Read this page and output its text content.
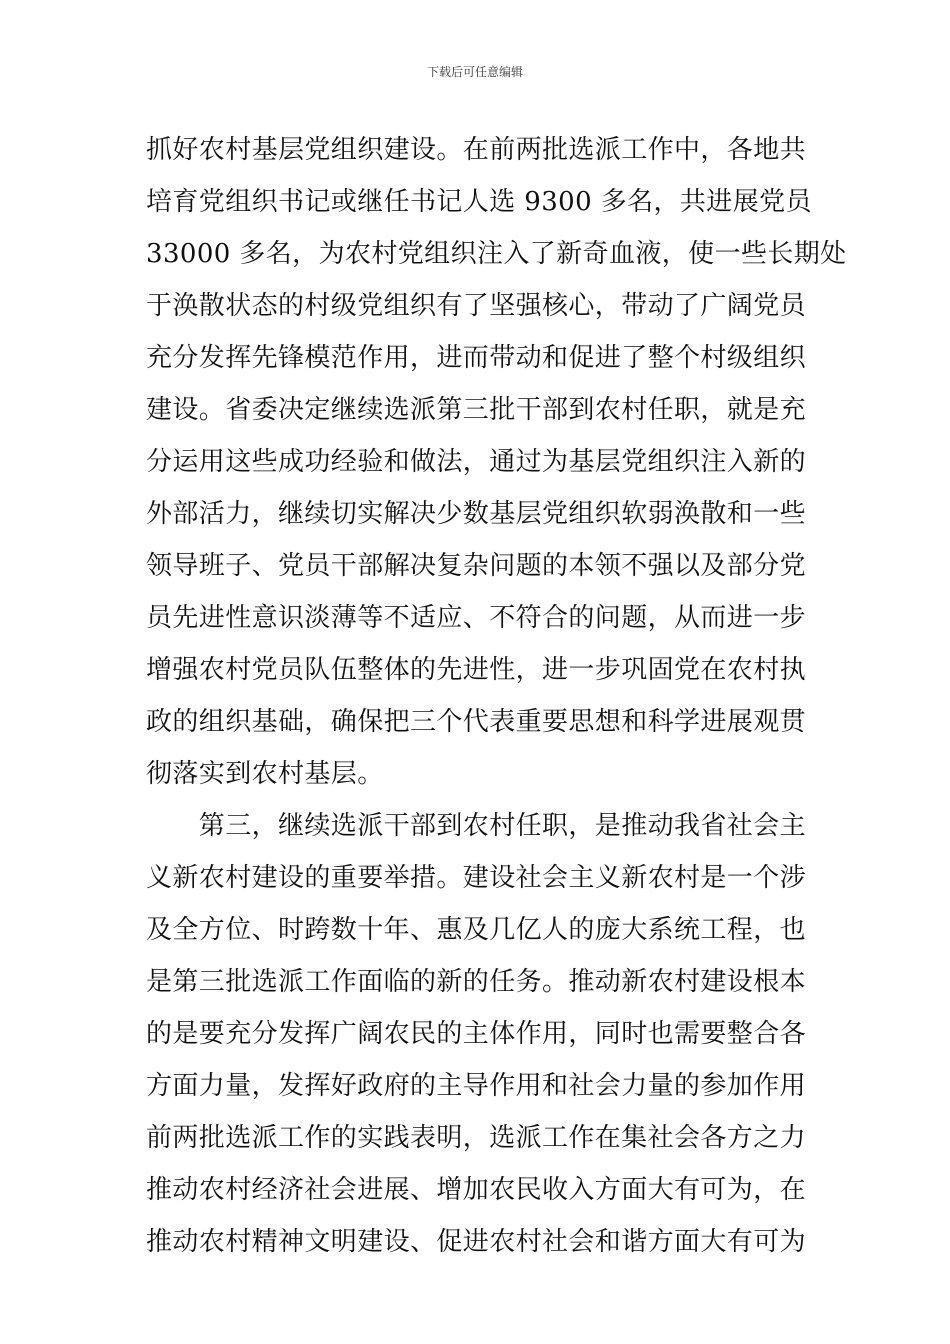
下载后可任意编辑
抓好农村基层党组织建设。在前两批选派工作中，各地共
培育党组织书记或继任书记人选 9300 多名，共进展党员
33000 多名，为农村党组织注入了新奇血液，使一些长期处
于涣散状态的村级党组织有了坚强核心，带动了广阔党员
充分发挥先锋模范作用，进而带动和促进了整个村级组织
建设。省委决定继续选派第三批干部到农村任职，就是充
分运用这些成功经验和做法，通过为基层党组织注入新的
外部活力，继续切实解决少数基层党组织软弱涣散和一些
领导班子、党员干部解决复杂问题的本领不强以及部分党
员先进性意识淡薄等不适应、不符合的问题，从而进一步
增强农村党员队伍整体的先进性，进一步巩固党在农村执
政的组织基础，确保把三个代表重要思想和科学进展观贯
彻落实到农村基层。
　　第三，继续选派干部到农村任职，是推动我省社会主
义新农村建设的重要举措。建设社会主义新农村是一个涉
及全方位、时跨数十年、惠及几亿人的庞大系统工程，也
是第三批选派工作面临的新的任务。推动新农村建设根本
的是要充分发挥广阔农民的主体作用，同时也需要整合各
方面力量，发挥好政府的主导作用和社会力量的参加作用
前两批选派工作的实践表明，选派工作在集社会各方之力
推动农村经济社会进展、增加农民收入方面大有可为，在
推动农村精神文明建设、促进农村社会和谐方面大有可为
